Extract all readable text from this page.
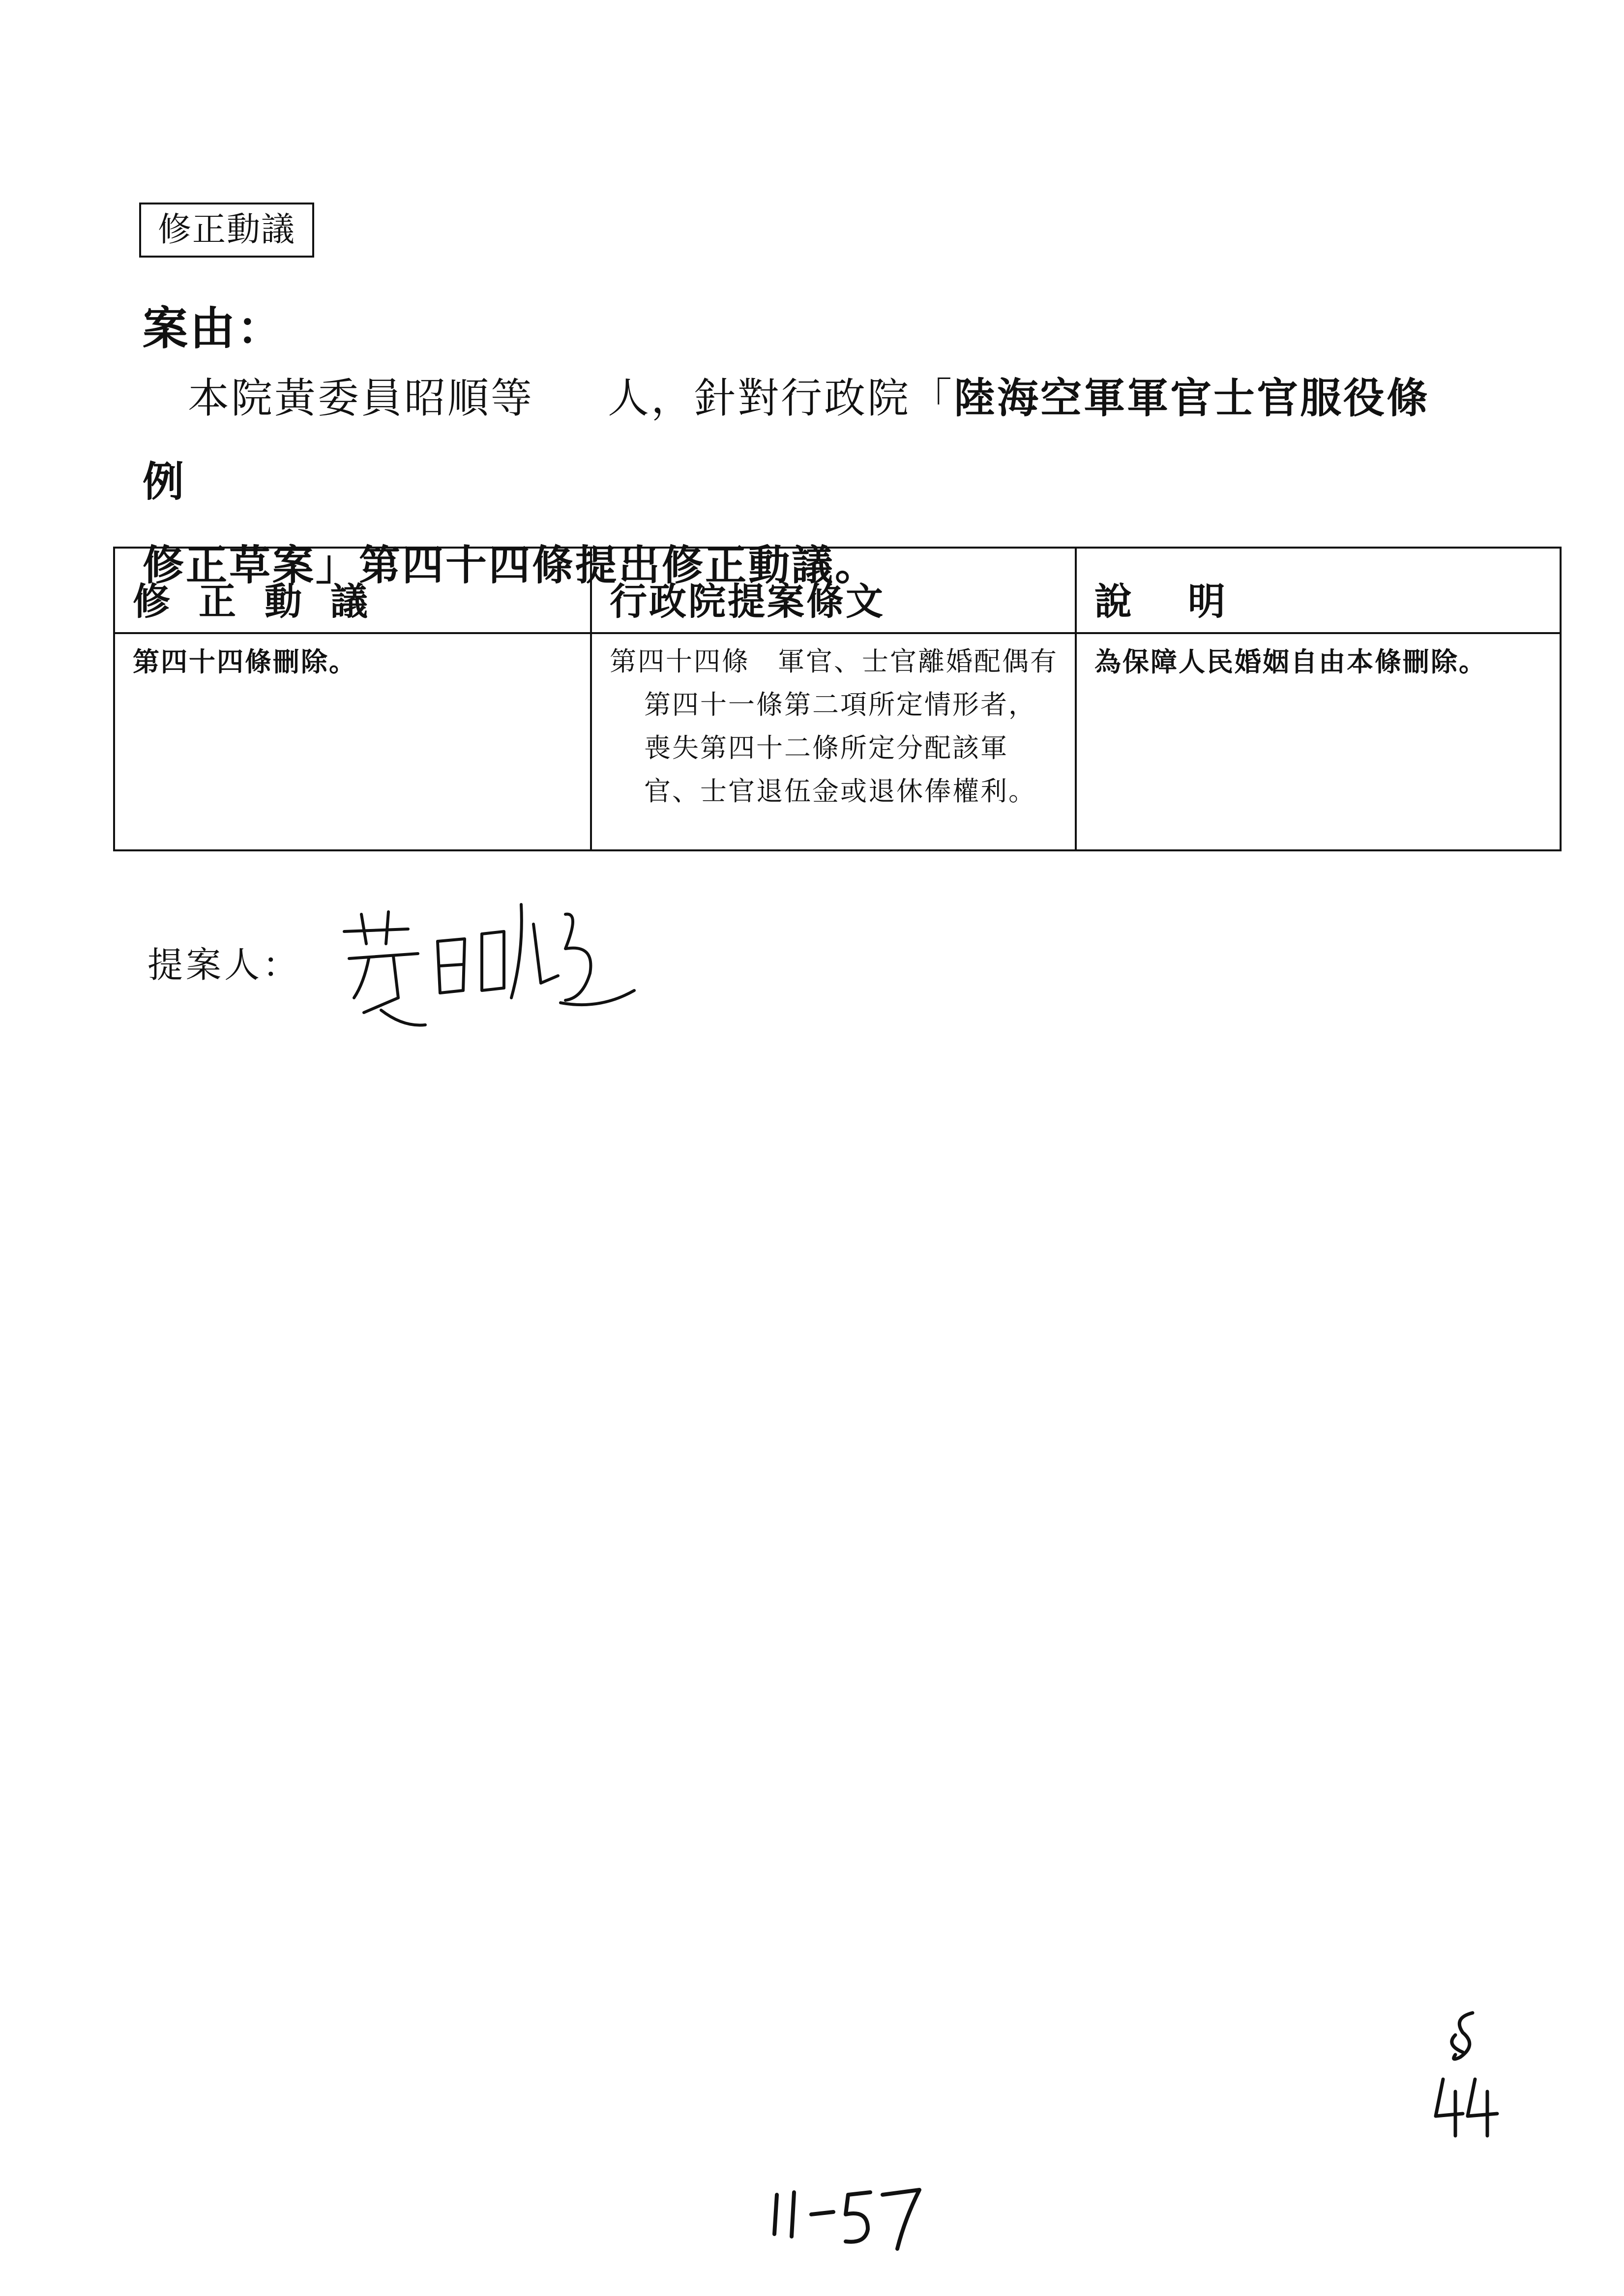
修正動議
案由：
本院黃委員昭順等 人，針對行政院「陸海空軍軍官士官服役條例
修正草案」第四十四條提出修正動議。
修正動議	行政院提案條文	說 明

第四十四條刪除。	第四十四條　軍官、士官離婚配偶有第四十一條第二項所定情形者，喪失第四十二條所定分配該軍官、士官退伍金或退休俸權利。	為保障人民婚姻自由本條刪除。
提案人：
